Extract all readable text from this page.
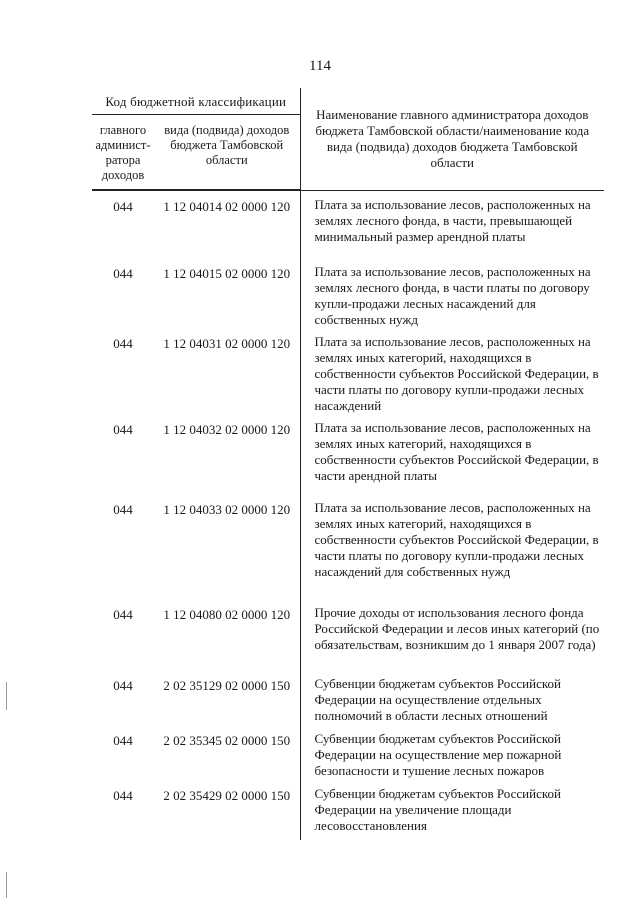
114
Код бюджетной классификации		Наименование главного администратора доходов бюджета Тамбовской области/наименование кода вида (подвида) доходов бюджета Тамбовской области
главного админист-ратора доходов	вида (подвида) доходов бюджета Тамбовской области	

044	1 12 04014 02 0000 120	Плата за использование лесов, расположенных на землях лесного фонда, в части, превышающей минимальный размер арендной платы
044	1 12 04015 02 0000 120	Плата за использование лесов, расположенных на землях лесного фонда, в части платы по договору купли-продажи лесных насаждений для собственных нужд
044	1 12 04031 02 0000 120	Плата за использование лесов, расположенных на землях иных категорий, находящихся в собственности субъектов Российской Федерации, в части платы по договору купли-продажи лесных насаждений
044	1 12 04032 02 0000 120	Плата за использование лесов, расположенных на землях иных категорий, находящихся в собственности субъектов Российской Федерации, в части арендной платы
044	1 12 04033 02 0000 120	Плата за использование лесов, расположенных на землях иных категорий, находящихся в собственности субъектов Российской Федерации, в части платы по договору купли-продажи лесных насаждений для собственных нужд
044	1 12 04080 02 0000 120	Прочие доходы от использования лесного фонда Российской Федерации и лесов иных категорий (по обязательствам, возникшим до 1 января 2007 года)
044	2 02 35129 02 0000 150	Субвенции бюджетам субъектов Российской Федерации на осуществление отдельных полномочий в области лесных отношений
044	2 02 35345 02 0000 150	Субвенции бюджетам субъектов Российской Федерации на осуществление мер пожарной безопасности и тушение лесных пожаров
044	2 02 35429 02 0000 150	Субвенции бюджетам субъектов Российской Федерации на увеличение площади лесовосстановления
